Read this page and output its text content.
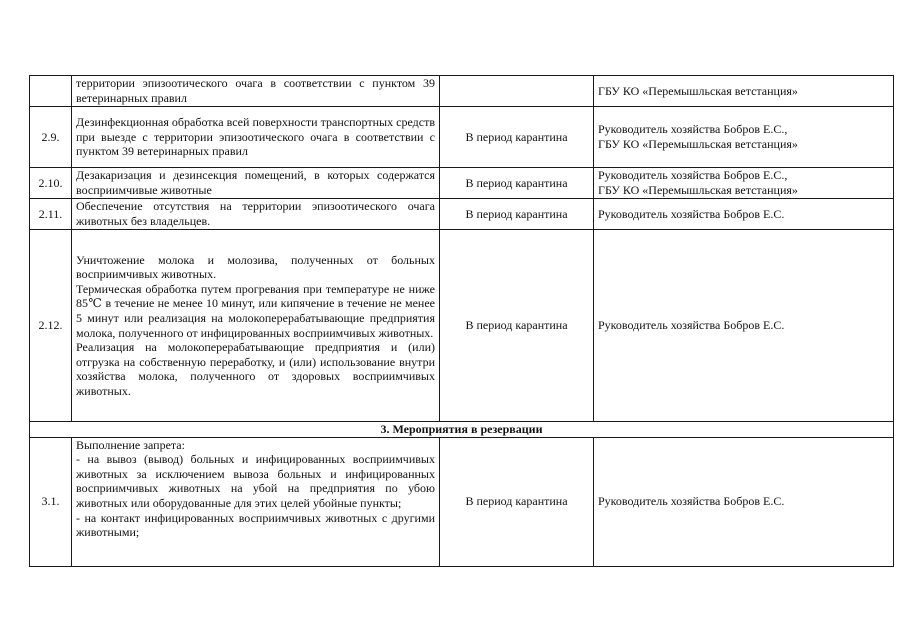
	территории эпизоотического очага в соответствии с пунктом 39 ветеринарных правил		ГБУ КО «Перемышльская ветстанция»

2.9.	Дезинфекционная обработка всей поверхности транспортных средств при выезде с территории эпизоотического очага в соответствии с пунктом 39 ветеринарных правил	В период карантина	Руководитель хозяйства Бобров Е.С.,
ГБУ КО «Перемышльская ветстанция»

2.10.	Дезакаризация и дезинсекция помещений, в которых содержатся восприимчивые животные	В период карантина	Руководитель хозяйства Бобров Е.С.,
ГБУ КО «Перемышльская ветстанция»

2.11.	Обеспечение отсутствия на территории эпизоотического очага животных без владельцев.	В период карантина	Руководитель хозяйства Бобров Е.С.

2.12.	Уничтожение молока и молозива, полученных от больных восприимчивых животных.
Термическая обработка путем прогревания при температуре не ниже 85℃ в течение не менее 10 минут, или кипячение в течение не менее 5 минут или реализация на молокоперерабатывающие предприятия молока, полученного от инфицированных восприимчивых животных.
Реализация на молокоперерабатывающие предприятия и (или) отгрузка на собственную переработку, и (или) использование внутри хозяйства молока, полученного от здоровых восприимчивых животных.	В период карантина	Руководитель хозяйства Бобров Е.С.

3. Мероприятия в резервации			
3.1.	Выполнение запрета:
- на вывоз (вывод) больных и инфицированных восприимчивых животных за исключением вывоза больных и инфицированных восприимчивых животных на убой на предприятия по убою животных или оборудованные для этих целей убойные пункты;
- на контакт инфицированных восприимчивых животных с другими животными;	В период карантина	Руководитель хозяйства Бобров Е.С.
